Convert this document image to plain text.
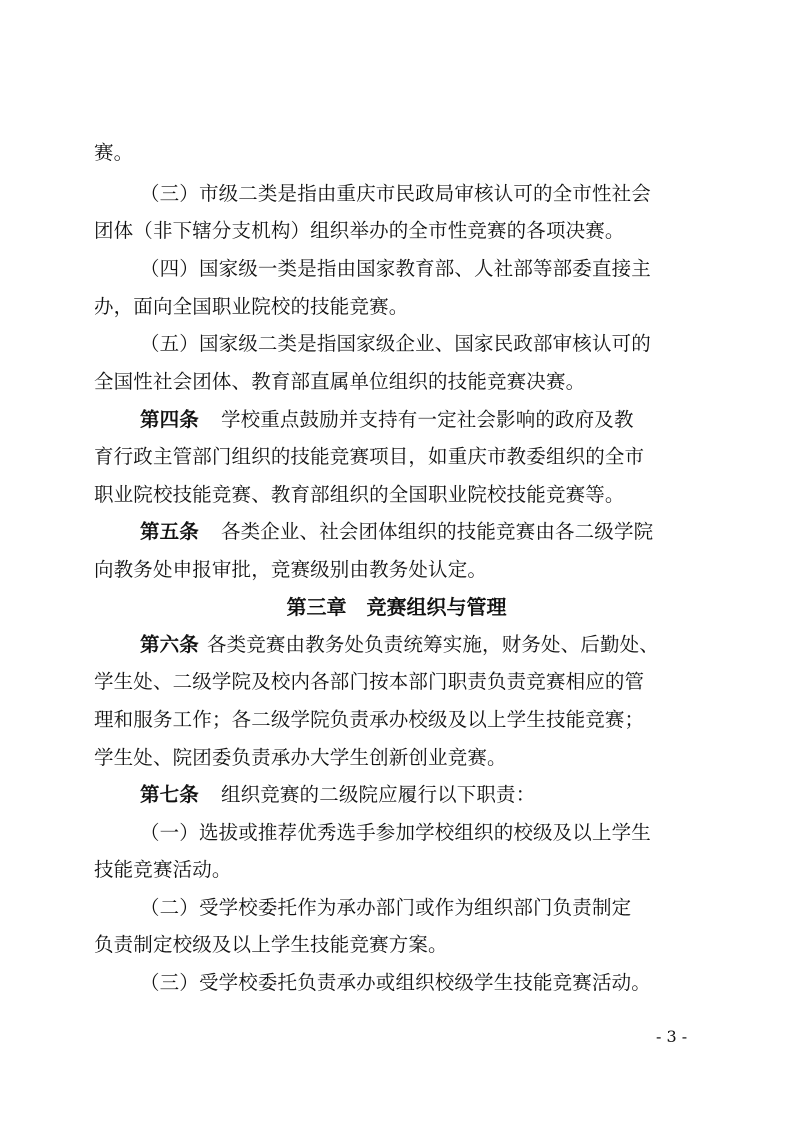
赛。
（三）市级二类是指由重庆市民政局审核认可的全市性社会
团体（非下辖分支机构）组织举办的全市性竞赛的各项决赛。
（四）国家级一类是指由国家教育部、人社部等部委直接主
办，面向全国职业院校的技能竞赛。
（五）国家级二类是指国家级企业、国家民政部审核认可的
全国性社会团体、教育部直属单位组织的技能竞赛决赛。
第四条 学校重点鼓励并支持有一定社会影响的政府及教
育行政主管部门组织的技能竞赛项目，如重庆市教委组织的全市
职业院校技能竞赛、教育部组织的全国职业院校技能竞赛等。
第五条 各类企业、社会团体组织的技能竞赛由各二级学院
向教务处申报审批，竞赛级别由教务处认定。
第三章　竞赛组织与管理
第六条 各类竞赛由教务处负责统筹实施，财务处、后勤处、
学生处、二级学院及校内各部门按本部门职责负责竞赛相应的管
理和服务工作；各二级学院负责承办校级及以上学生技能竞赛；
学生处、院团委负责承办大学生创新创业竞赛。
第七条 组织竞赛的二级院应履行以下职责：
（一）选拔或推荐优秀选手参加学校组织的校级及以上学生
技能竞赛活动。
（二）受学校委托作为承办部门或作为组织部门负责制定
负责制定校级及以上学生技能竞赛方案。
（三）受学校委托负责承办或组织校级学生技能竞赛活动。
- 3 -
